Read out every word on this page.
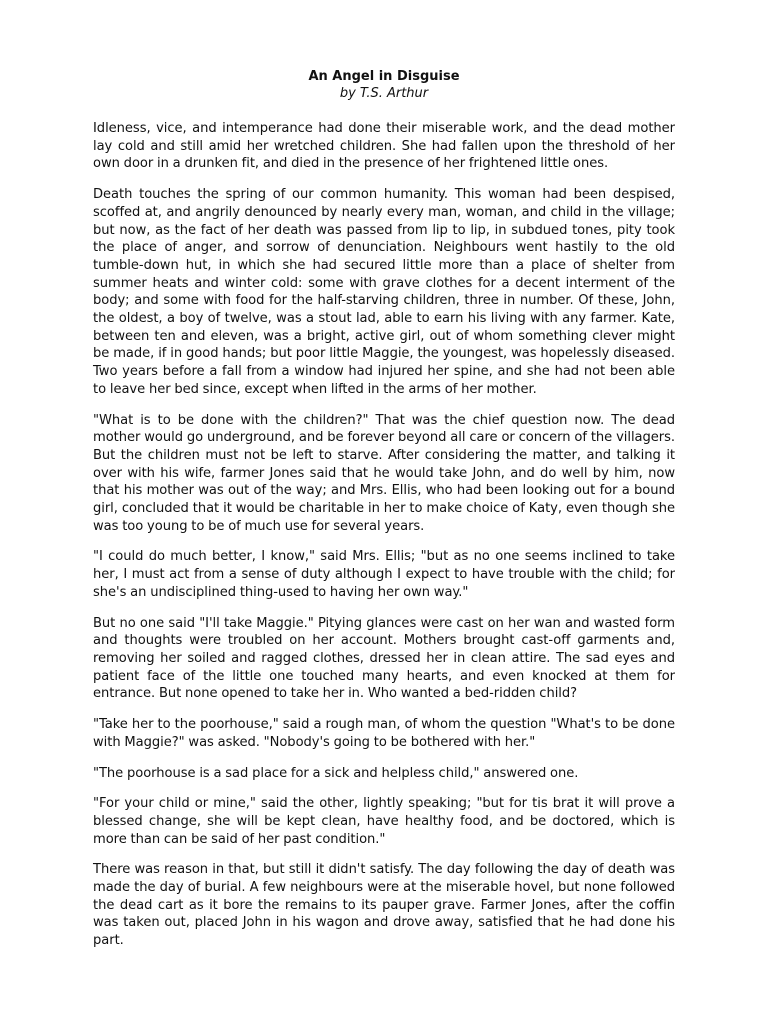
An Angel in Disguise
by T.S. Arthur

Idleness, vice, and intemperance had done their miserable work, and the dead mother lay cold and still amid her wretched children. She had fallen upon the threshold of her own door in a drunken fit, and died in the presence of her frightened little ones.

Death touches the spring of our common humanity. This woman had been despised, scoffed at, and angrily denounced by nearly every man, woman, and child in the village; but now, as the fact of her death was passed from lip to lip, in subdued tones, pity took the place of anger, and sorrow of denunciation. Neighbours went hastily to the old tumble-down hut, in which she had secured little more than a place of shelter from summer heats and winter cold: some with grave clothes for a decent interment of the body; and some with food for the half-starving children, three in number. Of these, John, the oldest, a boy of twelve, was a stout lad, able to earn his living with any farmer. Kate, between ten and eleven, was a bright, active girl, out of whom something clever might be made, if in good hands; but poor little Maggie, the youngest, was hopelessly diseased. Two years before a fall from a window had injured her spine, and she had not been able to leave her bed since, except when lifted in the arms of her mother.

"What is to be done with the children?" That was the chief question now. The dead mother would go underground, and be forever beyond all care or concern of the villagers. But the children must not be left to starve. After considering the matter, and talking it over with his wife, farmer Jones said that he would take John, and do well by him, now that his mother was out of the way; and Mrs. Ellis, who had been looking out for a bound girl, concluded that it would be charitable in her to make choice of Katy, even though she was too young to be of much use for several years.

"I could do much better, I know," said Mrs. Ellis; "but as no one seems inclined to take her, I must act from a sense of duty although I expect to have trouble with the child; for she's an undisciplined thing-used to having her own way."

But no one said "I'll take Maggie." Pitying glances were cast on her wan and wasted form and thoughts were troubled on her account. Mothers brought cast-off garments and, removing her soiled and ragged clothes, dressed her in clean attire. The sad eyes and patient face of the little one touched many hearts, and even knocked at them for entrance. But none opened to take her in. Who wanted a bed-ridden child?

"Take her to the poorhouse," said a rough man, of whom the question "What's to be done with Maggie?" was asked. "Nobody's going to be bothered with her."

"The poorhouse is a sad place for a sick and helpless child," answered one.

"For your child or mine," said the other, lightly speaking; "but for tis brat it will prove a blessed change, she will be kept clean, have healthy food, and be doctored, which is more than can be said of her past condition."

There was reason in that, but still it didn't satisfy. The day following the day of death was made the day of burial. A few neighbours were at the miserable hovel, but none followed the dead cart as it bore the remains to its pauper grave. Farmer Jones, after the coffin was taken out, placed John in his wagon and drove away, satisfied that he had done his part.
